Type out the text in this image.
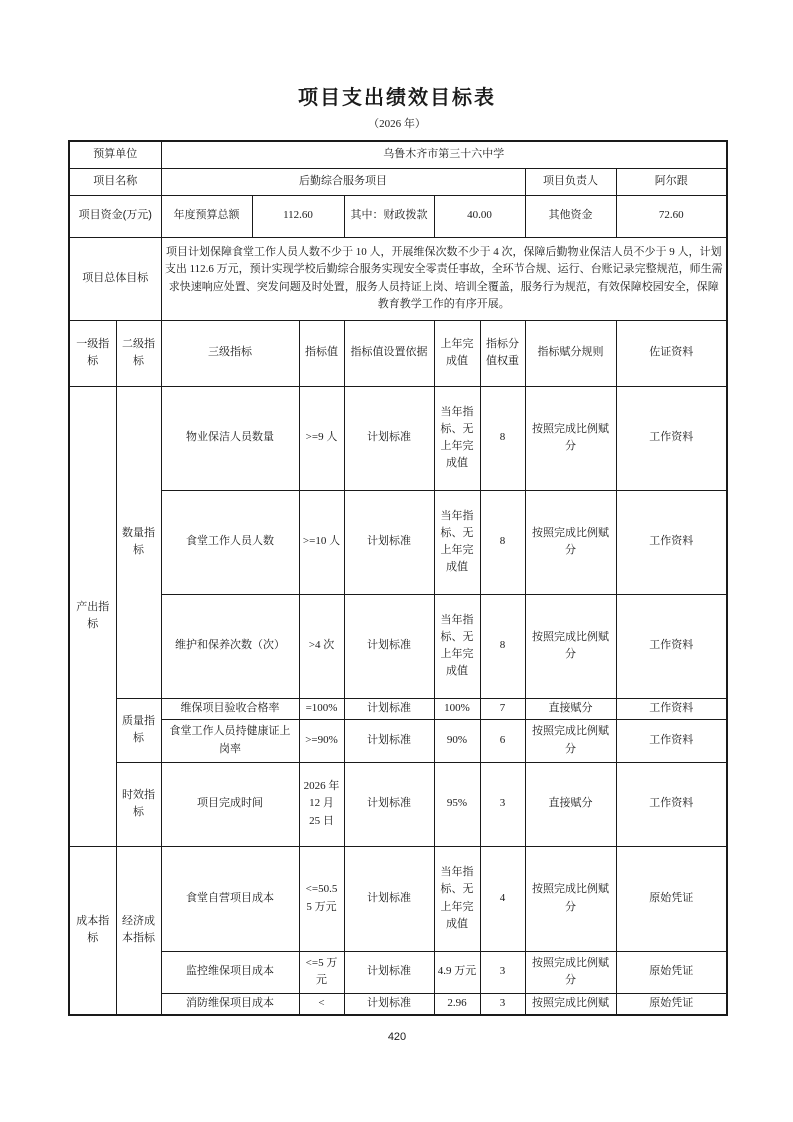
项目支出绩效目标表
（2026 年）
预算单位		乌鲁木齐市第三十六中学							
项目名称		后勤综合服务项目						项目负责人	阿尔跟
项目资金(万元)		年度预算总额	112.60		其中：财政拨款	40.00		其他资金	72.60
项目总体目标		项目计划保障食堂工作人员人数不少于 10 人，开展维保次数不少于 4 次，保障后勤物业保洁人员不少于 9 人，计划支出 112.6 万元，预计实现学校后勤综合服务实现安全零责任事故，全环节合规、运行、台账记录完整规范，师生需求快速响应处置、突发问题及时处置，服务人员持证上岗、培训全覆盖，服务行为规范，有效保障校园安全，保障教育教学工作的有序开展。							
一级指标	二级指标	三级指标		指标值	指标值设置依据	上年完成值	指标分值权重	指标赋分规则	佐证资料
产出指标	数量指标	物业保洁人员数量		>=9 人	计划标准	当年指标、无上年完成值	8	按照完成比例赋分	工作资料
		食堂工作人员人数		>=10 人	计划标准	当年指标、无上年完成值	8	按照完成比例赋分	工作资料
		维护和保养次数（次）		>4 次	计划标准	当年指标、无上年完成值	8	按照完成比例赋分	工作资料
	质量指标	维保项目验收合格率		=100%	计划标准	100%	7	直接赋分	工作资料
		食堂工作人员持健康证上岗率		>=90%	计划标准	90%	6	按照完成比例赋分	工作资料
	时效指标	项目完成时间		2026 年 12 月 25 日	计划标准	95%	3	直接赋分	工作资料
成本指标	经济成本指标	食堂自营项目成本		<=50.5 5 万元	计划标准	当年指标、无上年完成值	4	按照完成比例赋分	原始凭证
		监控维保项目成本		<=5 万元	计划标准	4.9 万元	3	按照完成比例赋分	原始凭证
		消防维保项目成本		<	计划标准	2.96	3	按照完成比例赋	原始凭证
420
